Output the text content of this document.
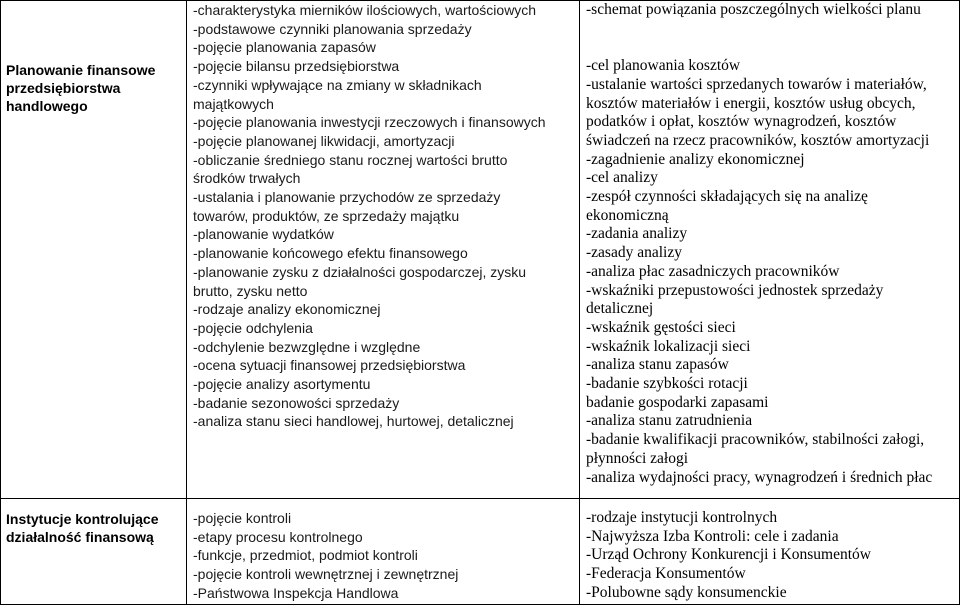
Planowanie finansowe przedsiębiorstwa handlowego
-charakterystyka mierników ilościowych, wartościowych
-podstawowe czynniki planowania sprzedaży
-pojęcie planowania zapasów
-pojęcie bilansu przedsiębiorstwa
-czynniki wpływające na zmiany w składnikach
majątkowych
-pojęcie planowania inwestycji rzeczowych i finansowych
-pojęcie planowanej likwidacji, amortyzacji
-obliczanie średniego stanu rocznej wartości brutto
środków trwałych
-ustalania i planowanie przychodów ze sprzedaży
towarów, produktów, ze sprzedaży majątku
-planowanie wydatków
-planowanie końcowego efektu finansowego
-planowanie zysku z działalności gospodarczej, zysku
brutto, zysku netto
-rodzaje analizy ekonomicznej
-pojęcie odchylenia
-odchylenie bezwzględne i względne
-ocena sytuacji finansowej przedsiębiorstwa
-pojęcie analizy asortymentu
-badanie sezonowości sprzedaży
-analiza stanu sieci handlowej, hurtowej, detalicznej
-schemat powiązania poszczególnych wielkości planu

-cel planowania kosztów
-ustalanie wartości sprzedanych towarów i materiałów,
kosztów materiałów i energii, kosztów usług obcych,
podatków i opłat, kosztów wynagrodzeń, kosztów
świadczeń na rzecz pracowników, kosztów amortyzacji
-zagadnienie analizy ekonomicznej
-cel analizy
-zespół czynności składających się na analizę
ekonomiczną
-zadania analizy
-zasady analizy
-analiza płac zasadniczych pracowników
-wskaźniki przepustowości jednostek sprzedaży
detalicznej
-wskaźnik gęstości sieci
-wskaźnik lokalizacji sieci
-analiza stanu zapasów
-badanie szybkości rotacji
badanie gospodarki zapasami
-analiza stanu zatrudnienia
-badanie kwalifikacji pracowników, stabilności załogi,
płynności załogi
-analiza wydajności pracy, wynagrodzeń i średnich płac
Instytucje kontrolujące działalność finansową
-pojęcie kontroli
-etapy procesu kontrolnego
-funkcje, przedmiot, podmiot kontroli
-pojęcie kontroli wewnętrznej i zewnętrznej
-Państwowa Inspekcja Handlowa
-rodzaje instytucji kontrolnych
-Najwyższa Izba Kontroli: cele i zadania
-Urząd Ochrony Konkurencji i Konsumentów
-Federacja Konsumentów
-Polubowne sądy konsumenckie
